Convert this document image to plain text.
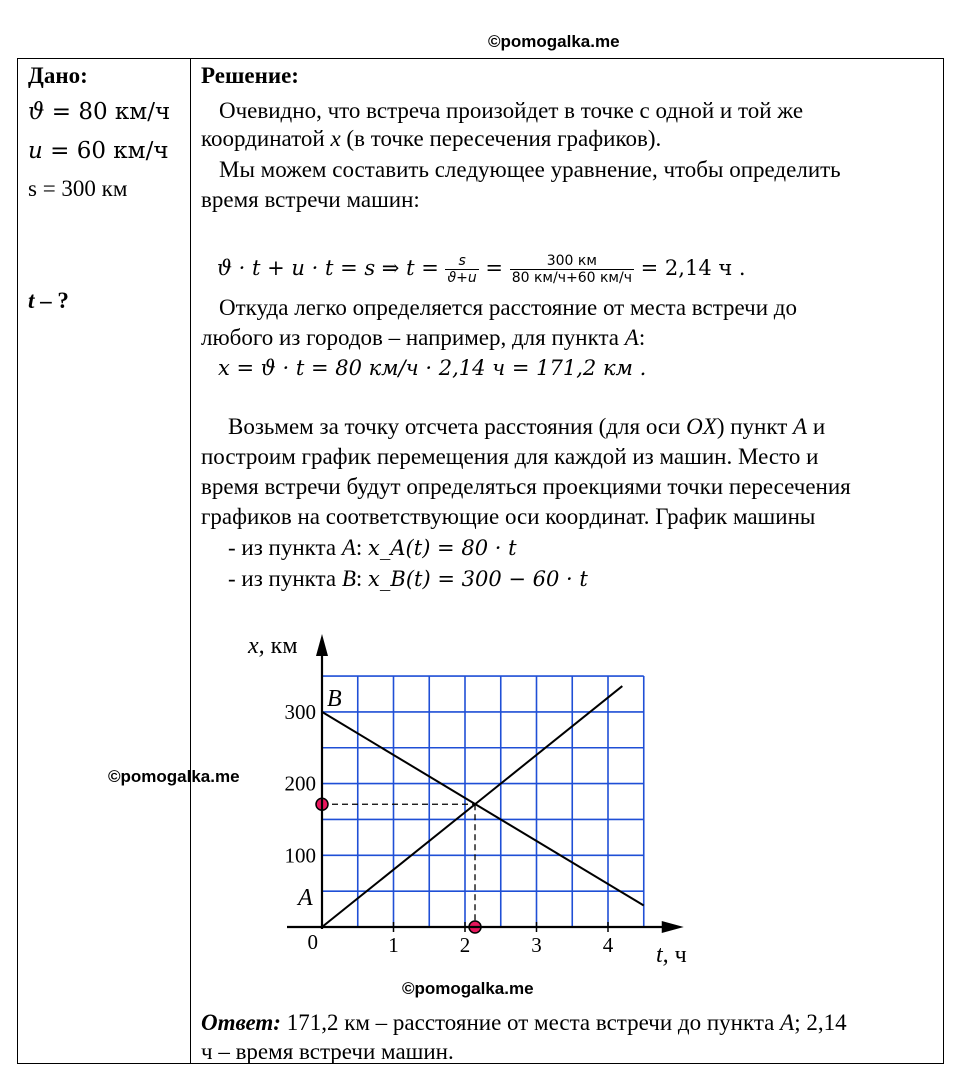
©pomogalka.me
Дано:
ϑ = 80 км/ч
u = 60 км/ч
s = 300 км
t – ?
Решение:
Очевидно, что встреча произойдет в точке с одной и той же
координатой x (в точке пересечения графиков).
Мы можем составить следующее уравнение, чтобы определить
время встречи машин:
ϑ · t + u · t = s ⇒ $t = \frac{s}{ϑ+u} = \frac{300 км}{80 км/ч+60 км/ч} = 2,14$ ч .
Откуда легко определяется расстояние от места встречи до
любого из городов – например, для пункта A:
x = ϑ · t = 80 км/ч · 2,14 ч = 171,2 км .
Возьмем за точку отсчета расстояния (для оси OX) пункт A и
построим график перемещения для каждой из машин. Место и
время встречи будут определяться проекциями точки пересечения
графиков на соответствующие оси координат. График машины
- из пункта A: x_A(t) = 80 · t
- из пункта B: x_B(t) = 300 − 60 · t
1	2	3	4
100
200
300
0
x, км
t, ч
A
B
©pomogalka.me
©pomogalka.me
Ответ: 171,2 км – расстояние от места встречи до пункта A; 2,14
ч – время встречи машин.
